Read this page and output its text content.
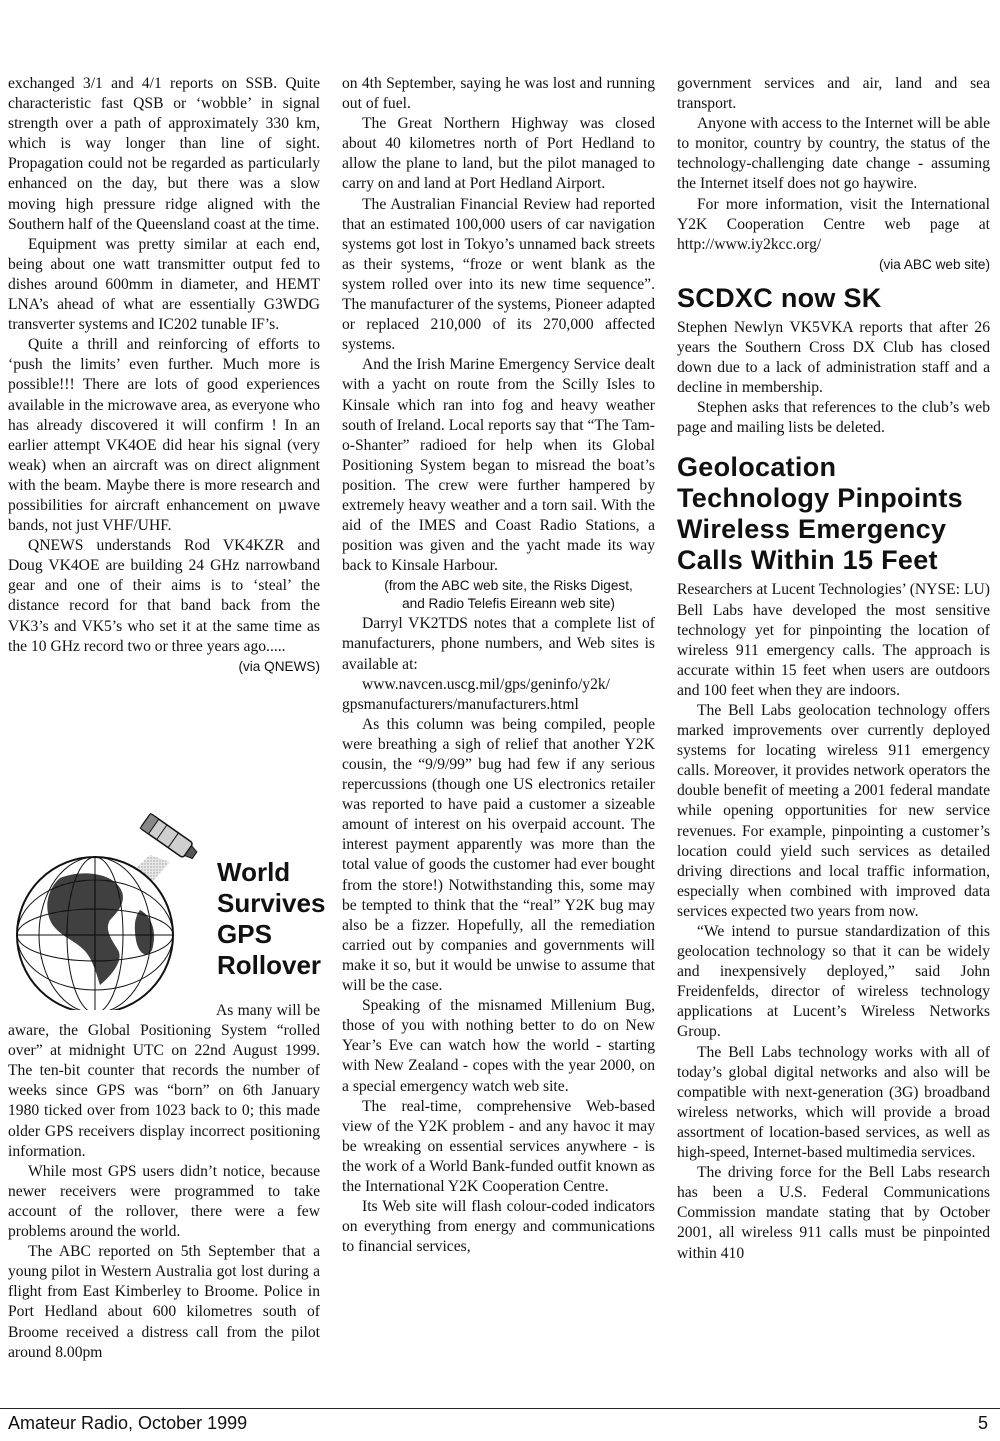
exchanged 3/1 and 4/1 reports on SSB. Quite characteristic fast QSB or ‘wobble’ in signal strength over a path of approximately 330 km, which is way longer than line of sight. Propagation could not be regarded as particularly enhanced on the day, but there was a slow moving high pressure ridge aligned with the Southern half of the Queensland coast at the time.

Equipment was pretty similar at each end, being about one watt transmitter output fed to dishes around 600mm in diameter, and HEMT LNA’s ahead of what are essentially G3WDG transverter systems and IC202 tunable IF’s.

Quite a thrill and reinforcing of efforts to ‘push the limits’ even further. Much more is possible!!! There are lots of good experiences available in the microwave area, as everyone who has already discovered it will confirm ! In an earlier attempt VK4OE did hear his signal (very weak) when an aircraft was on direct alignment with the beam. Maybe there is more research and possibilities for aircraft enhancement on µwave bands, not just VHF/UHF.

QNEWS understands Rod VK4KZR and Doug VK4OE are building 24 GHz narrowband gear and one of their aims is to ‘steal’ the distance record for that band back from the VK3’s and VK5’s who set it at the same time as the 10 GHz record two or three years ago.....

(via QNEWS)

World
Survives
GPS
Rollover

As many will be aware, the Global Positioning System “rolled over” at midnight UTC on 22nd August 1999. The ten-bit counter that records the number of weeks since GPS was “born” on 6th January 1980 ticked over from 1023 back to 0; this made older GPS receivers display incorrect positioning information.

While most GPS users didn’t notice, because newer receivers were programmed to take account of the rollover, there were a few problems around the world.

The ABC reported on 5th September that a young pilot in Western Australia got lost during a flight from East Kimberley to Broome. Police in Port Hedland about 600 kilometres south of Broome received a distress call from the pilot around 8.00pm

on 4th September, saying he was lost and running out of fuel.

The Great Northern Highway was closed about 40 kilometres north of Port Hedland to allow the plane to land, but the pilot managed to carry on and land at Port Hedland Airport.

The Australian Financial Review had reported that an estimated 100,000 users of car navigation systems got lost in Tokyo’s unnamed back streets as their systems, “froze or went blank as the system rolled over into its new time sequence”. The manufacturer of the systems, Pioneer adapted or replaced 210,000 of its 270,000 affected systems.

And the Irish Marine Emergency Service dealt with a yacht on route from the Scilly Isles to Kinsale which ran into fog and heavy weather south of Ireland. Local reports say that “The Tam-o-Shanter” radioed for help when its Global Positioning System began to misread the boat’s position. The crew were further hampered by extremely heavy weather and a torn sail. With the aid of the IMES and Coast Radio Stations, a position was given and the yacht made its way back to Kinsale Harbour.

(from the ABC web site, the Risks Digest,

and Radio Telefis Eireann web site)

Darryl VK2TDS notes that a complete list of manufacturers, phone numbers, and Web sites is available at:

www.navcen.uscg.mil/gps/geninfo/y2k/ gpsmanufacturers/manufacturers.html

As this column was being compiled, people were breathing a sigh of relief that another Y2K cousin, the “9/9/99” bug had few if any serious repercussions (though one US electronics retailer was reported to have paid a customer a sizeable amount of interest on his overpaid account. The interest payment apparently was more than the total value of goods the customer had ever bought from the store!) Notwithstanding this, some may be tempted to think that the “real” Y2K bug may also be a fizzer. Hopefully, all the remediation carried out by companies and governments will make it so, but it would be unwise to assume that will be the case.

Speaking of the misnamed Millenium Bug, those of you with nothing better to do on New Year’s Eve can watch how the world - starting with New Zealand - copes with the year 2000, on a special emergency watch web site.

The real-time, comprehensive Web-based view of the Y2K problem - and any havoc it may be wreaking on essential services anywhere - is the work of a World Bank-funded outfit known as the International Y2K Cooperation Centre.

Its Web site will flash colour-coded indicators on everything from energy and communications to financial services,

government services and air, land and sea transport.

Anyone with access to the Internet will be able to monitor, country by country, the status of the technology-challenging date change - assuming the Internet itself does not go haywire.

For more information, visit the International Y2K Cooperation Centre web page at http://www.iy2kcc.org/

(via ABC web site)

SCDXC now SK

Stephen Newlyn VK5VKA reports that after 26 years the Southern Cross DX Club has closed down due to a lack of administration staff and a decline in membership.

Stephen asks that references to the club’s web page and mailing lists be deleted.

Geolocation Technology Pinpoints Wireless Emergency Calls Within 15 Feet

Researchers at Lucent Technologies’ (NYSE: LU) Bell Labs have developed the most sensitive technology yet for pinpointing the location of wireless 911 emergency calls. The approach is accurate within 15 feet when users are outdoors and 100 feet when they are indoors.

The Bell Labs geolocation technology offers marked improvements over currently deployed systems for locating wireless 911 emergency calls. Moreover, it provides network operators the double benefit of meeting a 2001 federal mandate while opening opportunities for new service revenues. For example, pinpointing a customer’s location could yield such services as detailed driving directions and local traffic information, especially when combined with improved data services expected two years from now.

“We intend to pursue standardization of this geolocation technology so that it can be widely and inexpensively deployed,” said John Freidenfelds, director of wireless technology applications at Lucent’s Wireless Networks Group.

The Bell Labs technology works with all of today’s global digital networks and also will be compatible with next-generation (3G) broadband wireless networks, which will provide a broad assortment of location-based services, as well as high-speed, Internet-based multimedia services.

The driving force for the Bell Labs research has been a U.S. Federal Communications Commission mandate stating that by October 2001, all wireless 911 calls must be pinpointed within 410

Amateur Radio, October 1999	5
